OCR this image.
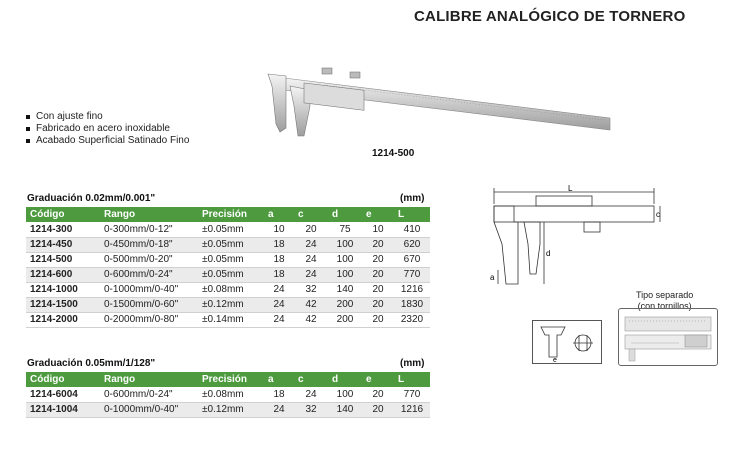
CALIBRE ANALÓGICO DE TORNERO
Con ajuste fino
Fabricado en acero inoxidable
Acabado Superficial Satinado Fino
1214-500
Graduación 0.02mm/0.001"	(mm)
Código	Rango	Precisión	a	c	d	e	L
1214-300	0-300mm/0-12"	±0.05mm	10	20	75	10	410
1214-450	0-450mm/0-18"	±0.05mm	18	24	100	20	620
1214-500	0-500mm/0-20"	±0.05mm	18	24	100	20	670
1214-600	0-600mm/0-24"	±0.05mm	18	24	100	20	770
1214-1000	0-1000mm/0-40"	±0.08mm	24	32	140	20	1216
1214-1500	0-1500mm/0-60"	±0.12mm	24	42	200	20	1830
1214-2000	0-2000mm/0-80"	±0.14mm	24	42	200	20	2320
Graduación 0.05mm/1/128"	(mm)
Código	Rango	Precisión	a	c	d	e	L
1214-6004	0-600mm/0-24"	±0.08mm	18	24	100	20	770
1214-1004	0-1000mm/0-40"	±0.12mm	24	32	140	20	1216
L
c
d
a
Tipo separado
(con tornillos)
e
